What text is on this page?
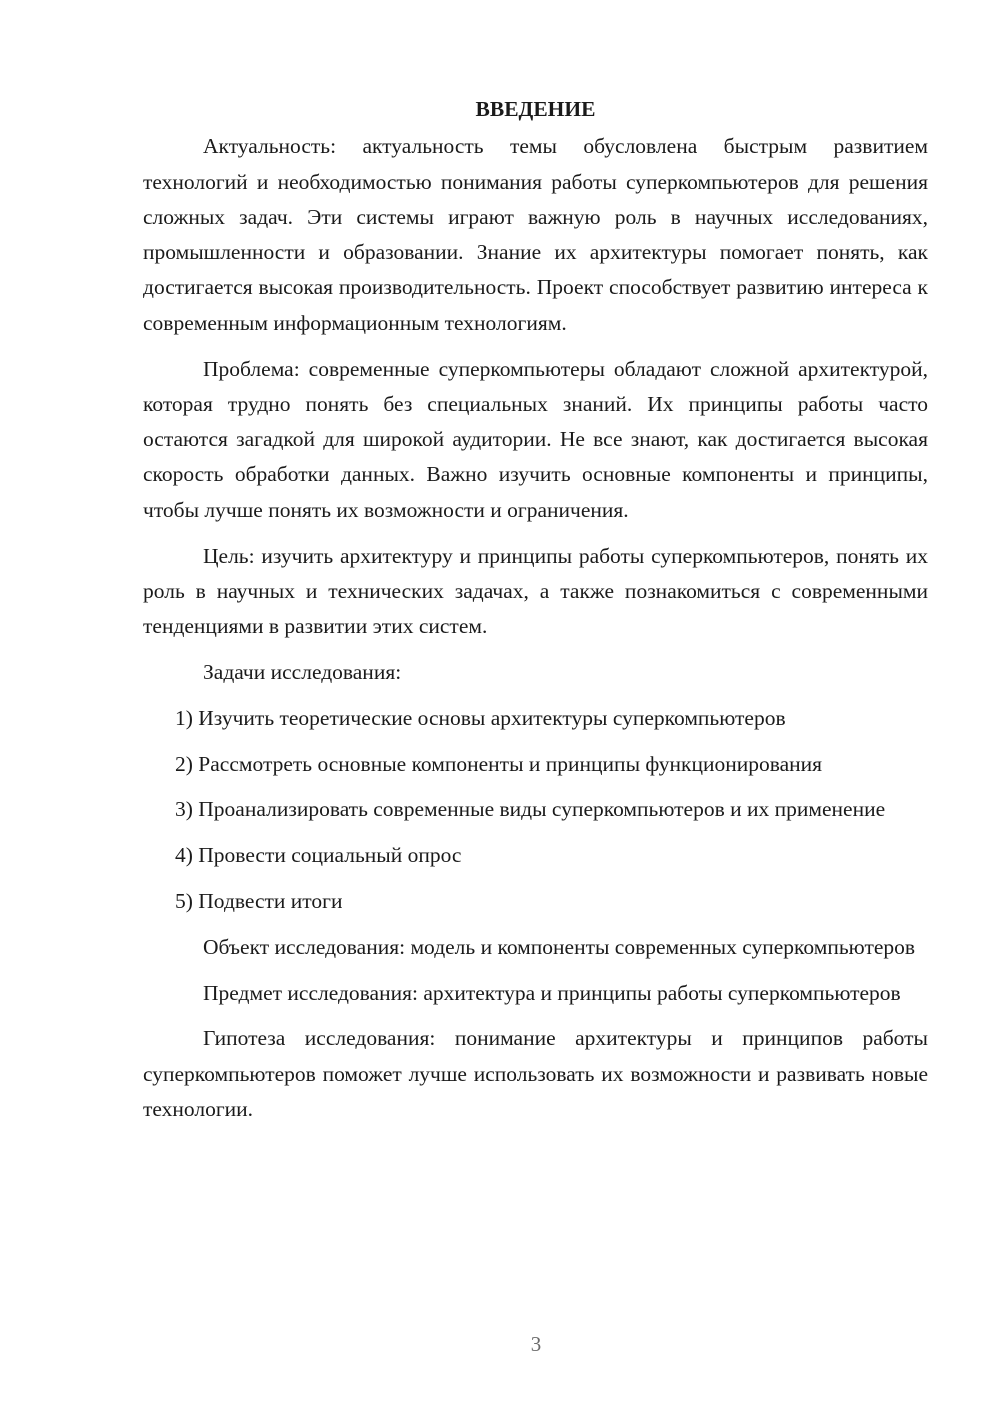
ВВЕДЕНИЕ

Актуальность: актуальность темы обусловлена быстрым развитием технологий и необходимостью понимания работы суперкомпьютеров для решения сложных задач. Эти системы играют важную роль в научных исследованиях, промышленности и образовании. Знание их архитектуры помогает понять, как достигается высокая производительность. Проект способствует развитию интереса к современным информационным технологиям.

Проблема: современные суперкомпьютеры обладают сложной архитектурой, которая трудно понять без специальных знаний. Их принципы работы часто остаются загадкой для широкой аудитории. Не все знают, как достигается высокая скорость обработки данных. Важно изучить основные компоненты и принципы, чтобы лучше понять их возможности и ограничения.

Цель: изучить архитектуру и принципы работы суперкомпьютеров, понять их роль в научных и технических задачах, а также познакомиться с современными тенденциями в развитии этих систем.

Задачи исследования:

1) Изучить теоретические основы архитектуры суперкомпьютеров

2) Рассмотреть основные компоненты и принципы функционирования

3) Проанализировать современные виды суперкомпьютеров и их применение

4) Провести социальный опрос

5) Подвести итоги

Объект исследования: модель и компоненты современных суперкомпьютеров

Предмет исследования: архитектура и принципы работы суперкомпьютеров

Гипотеза исследования: понимание архитектуры и принципов работы суперкомпьютеров поможет лучше использовать их возможности и развивать новые технологии.

3
